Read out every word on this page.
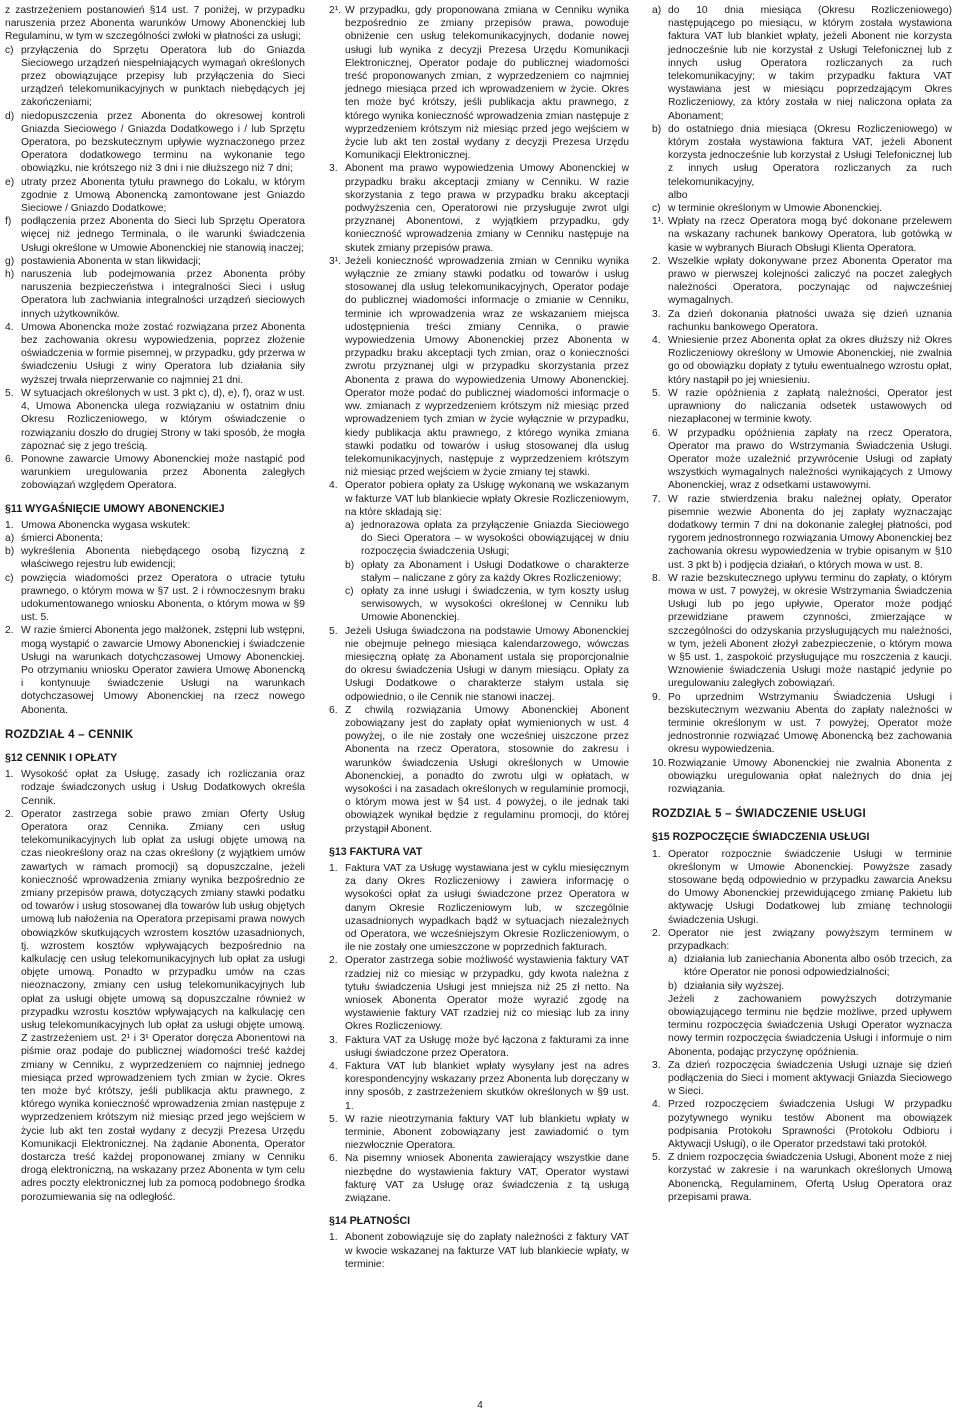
z zastrzeżeniem postanowień §14 ust. 7 poniżej, w przypadku naruszenia przez Abonenta warunków Umowy Abonenckiej lub Regulaminu, w tym w szczególności zwłoki w płatności za usługi;
c) przyłączenia do Sprzętu Operatora lub do Gniazda Sieciowego urządzeń niespełniających wymagań określonych przez obowiązujące przepisy lub przyłączenia do Sieci urządzeń telekomunikacyjnych w punktach niebędących jej zakończeniami;
d) niedopuszczenia przez Abonenta do okresowej kontroli Gniazda Sieciowego / Gniazda Dodatkowego i / lub Sprzętu Operatora, po bezskutecznym upływie wyznaczonego przez Operatora dodatkowego terminu na wykonanie tego obowiązku, nie krótszego niż 3 dni i nie dłuższego niż 7 dni;
e) utraty przez Abonenta tytułu prawnego do Lokalu, w którym zgodnie z Umową Abonencką zamontowane jest Gniazdo Sieciowe / Gniazdo Dodatkowe;
f) podłączenia przez Abonenta do Sieci lub Sprzętu Operatora więcej niż jednego Terminala, o ile warunki świadczenia Usługi określone w Umowie Abonenckiej nie stanowią inaczej;
g) postawienia Abonenta w stan likwidacji;
h) naruszenia lub podejmowania przez Abonenta próby naruszenia bezpieczeństwa i integralności Sieci i usług Operatora lub zachwiania integralności urządzeń sieciowych innych użytkowników.
4. Umowa Abonencka może zostać rozwiązana przez Abonenta bez zachowania okresu wypowiedzenia, poprzez złożenie oświadczenia w formie pisemnej, w przypadku, gdy przerwa w świadczeniu Usługi z winy Operatora lub działania siły wyższej trwała nieprzerwanie co najmniej 21 dni.
5. W sytuacjach określonych w ust. 3 pkt c), d), e), f), oraz w ust. 4, Umowa Abonencka ulega rozwiązaniu w ostatnim dniu Okresu Rozliczeniowego, w którym oświadczenie o rozwiązaniu doszło do drugiej Strony w taki sposób, że mogła zapoznać się z jego treścią.
6. Ponowne zawarcie Umowy Abonenckiej może nastąpić pod warunkiem uregulowania przez Abonenta zaległych zobowiązań względem Operatora.
§11 WYGAŚNIĘCIE UMOWY ABONENCKIEJ
1. Umowa Abonencka wygasa wskutek:
a) śmierci Abonenta;
b) wykreślenia Abonenta niebędącego osobą fizyczną z właściwego rejestru lub ewidencji;
c) powzięcia wiadomości przez Operatora o utracie tytułu prawnego, o którym mowa w §7 ust. 2 i równoczesnym braku udokumentowanego wniosku Abonenta, o którym mowa w §9 ust. 5.
2. W razie śmierci Abonenta jego małżonek, zstępni lub wstępni, mogą wystąpić o zawarcie Umowy Abonenckiej i świadczenie Usługi na warunkach dotychczasowej Umowy Abonenckiej. Po otrzymaniu wniosku Operator zawiera Umowę Abonencką i kontynuuje świadczenie Usługi na warunkach dotychczasowej Umowy Abonenckiej na rzecz nowego Abonenta.
ROZDZIAŁ 4 – CENNIK
§12 CENNIK I OPŁATY
1. Wysokość opłat za Usługę, zasady ich rozliczania oraz rodzaje świadczonych usług i Usług Dodatkowych określa Cennik.
2. Operator zastrzega sobie prawo zmian Oferty Usług Operatora oraz Cennika. Zmiany cen usług telekomunikacyjnych lub opłat za usługi objęte umową na czas nieokreślony oraz na czas określony (z wyjątkiem umów zawartych w ramach promocji) są dopuszczalne, jeżeli konieczność wprowadzenia zmiany wynika bezpośrednio ze zmiany przepisów prawa, dotyczących zmiany stawki podatku od towarów i usług stosowanej dla towarów lub usług objętych umową lub nałożenia na Operatora przepisami prawa nowych obowiązków skutkujących wzrostem kosztów uzasadnionych, tj. wzrostem kosztów wpływających bezpośrednio na kalkulację cen usług telekomunikacyjnych lub opłat za usługi objęte umową. Ponadto w przypadku umów na czas nieoznaczony, zmiany cen usług telekomunikacyjnych lub opłat za usługi objęte umową są dopuszczalne również w przypadku wzrostu kosztów wpływających na kalkulację cen usług telekomunikacyjnych lub opłat za usługi objęte umową. Z zastrzeżeniem ust. 2¹ i 3¹ Operator doręcza Abonentowi na piśmie oraz podaje do publicznej wiadomości treść każdej zmiany w Cenniku, z wyprzedzeniem co najmniej jednego miesiąca przed wprowadzeniem tych zmian w życie. Okres ten może być krótszy, jeśli publikacja aktu prawnego, z którego wynika konieczność wprowadzenia zmian następuje z wyprzedzeniem krótszym niż miesiąc przed jego wejściem w życie lub akt ten został wydany z decyzji Prezesa Urzędu Komunikacji Elektronicznej. Na żądanie Abonenta, Operator dostarcza treść każdej proponowanej zmiany w Cenniku drogą elektroniczną, na wskazany przez Abonenta w tym celu adres poczty elektronicznej lub za pomocą podobnego środka porozumiewania się na odległość.
2¹. W przypadku, gdy proponowana zmiana w Cenniku wynika bezpośrednio ze zmiany przepisów prawa, powoduje obniżenie cen usług telekomunikacyjnych, dodanie nowej usługi lub wynika z decyzji Prezesa Urzędu Komunikacji Elektronicznej, Operator podaje do publicznej wiadomości treść proponowanych zmian, z wyprzedzeniem co najmniej jednego miesiąca przed ich wprowadzeniem w życie. Okres ten może być krótszy, jeśli publikacja aktu prawnego, z którego wynika konieczność wprowadzenia zmian następuje z wyprzedzeniem krótszym niż miesiąc przed jego wejściem w życie lub akt ten został wydany z decyzji Prezesa Urzędu Komunikacji Elektronicznej.
3. Abonent ma prawo wypowiedzenia Umowy Abonenckiej w przypadku braku akceptacji zmiany w Cenniku. W razie skorzystania z tego prawa w przypadku braku akceptacji podwyższenia cen, Operatorowi nie przysługuje zwrot ulgi przyznanej Abonentowi, z wyjątkiem przypadku, gdy konieczność wprowadzenia zmiany w Cenniku następuje na skutek zmiany przepisów prawa.
3¹. Jeżeli konieczność wprowadzenia zmian w Cenniku wynika wyłącznie ze zmiany stawki podatku od towarów i usług stosowanej dla usług telekomunikacyjnych, Operator podaje do publicznej wiadomości informacje o zmianie w Cenniku, terminie ich wprowadzenia wraz ze wskazaniem miejsca udostępnienia treści zmiany Cennika, o prawie wypowiedzenia Umowy Abonenckiej przez Abonenta w przypadku braku akceptacji tych zmian, oraz o konieczności zwrotu przyznanej ulgi w przypadku skorzystania przez Abonenta z prawa do wypowiedzenia Umowy Abonenckiej. Operator może podać do publicznej wiadomości informacje o ww. zmianach z wyprzedzeniem krótszym niż miesiąc przed wprowadzeniem tych zmian w życie wyłącznie w przypadku, kiedy publikacja aktu prawnego, z którego wynika zmiana stawki podatku od towarów i usług stosowanej dla usług telekomunikacyjnych, następuje z wyprzedzeniem krótszym niż miesiąc przed wejściem w życie zmiany tej stawki.
4. Operator pobiera opłaty za Usługę wykonaną we wskazanym w fakturze VAT lub blankiecie wpłaty Okresie Rozliczeniowym, na które składają się:
a) jednorazowa opłata za przyłączenie Gniazda Sieciowego do Sieci Operatora – w wysokości obowiązującej w dniu rozpoczęcia świadczenia Usługi;
b) opłaty za Abonament i Usługi Dodatkowe o charakterze stałym – naliczane z góry za każdy Okres Rozliczeniowy;
c) opłaty za inne usługi i świadczenia, w tym koszty usług serwisowych, w wysokości określonej w Cenniku lub Umowie Abonenckiej.
5. Jeżeli Usługa świadczona na podstawie Umowy Abonenckiej nie obejmuje pełnego miesiąca kalendarzowego, wówczas miesięczną opłatę za Abonament ustala się proporcjonalnie do okresu świadczenia Usługi w danym miesiącu. Opłaty za Usługi Dodatkowe o charakterze stałym ustala się odpowiednio, o ile Cennik nie stanowi inaczej.
6. Z chwilą rozwiązania Umowy Abonenckiej Abonent zobowiązany jest do zapłaty opłat wymienionych w ust. 4 powyżej, o ile nie zostały one wcześniej uiszczone przez Abonenta na rzecz Operatora, stosownie do zakresu i warunków świadczenia Usługi określonych w Umowie Abonenckiej, a ponadto do zwrotu ulgi w opłatach, w wysokości i na zasadach określonych w regulaminie promocji, o którym mowa jest w §4 ust. 4 powyżej, o ile jednak taki obowiązek wynikał będzie z regulaminu promocji, do której przystąpił Abonent.
§13 FAKTURA VAT
1. Faktura VAT za Usługę wystawiana jest w cyklu miesięcznym za dany Okres Rozliczeniowy i zawiera informację o wysokości opłat za usługi świadczone przez Operatora w danym Okresie Rozliczeniowym lub, w szczególnie uzasadnionych wypadkach bądź w sytuacjach niezależnych od Operatora, we wcześniejszym Okresie Rozliczeniowym, o ile nie zostały one umieszczone w poprzednich fakturach.
2. Operator zastrzega sobie możliwość wystawienia faktury VAT rzadziej niż co miesiąc w przypadku, gdy kwota należna z tytułu świadczenia Usługi jest mniejsza niż 25 zł netto. Na wniosek Abonenta Operator może wyrazić zgodę na wystawienie faktury VAT rzadziej niż co miesiąc lub za inny Okres Rozliczeniowy.
3. Faktura VAT za Usługę może być łączona z fakturami za inne usługi świadczone przez Operatora.
4. Faktura VAT lub blankiet wpłaty wysyłany jest na adres korespondencyjny wskazany przez Abonenta lub doręczany w inny sposób, z zastrzeżeniem skutków określonych w §9 ust. 1.
5. W razie nieotrzymania faktury VAT lub blankietu wpłaty w terminie, Abonent zobowiązany jest zawiadomić o tym niezwłocznie Operatora.
6. Na pisemny wniosek Abonenta zawierający wszystkie dane niezbędne do wystawienia faktury VAT, Operator wystawi fakturę VAT za Usługę oraz świadczenia z tą usługą związane.
§14 PŁATNOŚCI
1. Abonent zobowiązuje się do zapłaty należności z faktury VAT w kwocie wskazanej na fakturze VAT lub blankiecie wpłaty, w terminie:
a) do 10 dnia miesiąca (Okresu Rozliczeniowego) następującego po miesiącu, w którym została wystawiona faktura VAT lub blankiet wpłaty, jeżeli Abonent nie korzysta jednocześnie lub nie korzystał z Usługi Telefonicznej lub z innych usług Operatora rozliczanych za ruch telekomunikacyjny; w takim przypadku faktura VAT wystawiana jest w miesiącu poprzedzającym Okres Rozliczeniowy, za który została w niej naliczona opłata za Abonament;
b) do ostatniego dnia miesiąca (Okresu Rozliczeniowego) w którym została wystawiona faktura VAT, jeżeli Abonent korzysta jednocześnie lub korzystał z Usługi Telefonicznej lub z innych usług Operatora rozliczanych za ruch telekomunikacyjny,
albo
c) w terminie określonym w Umowie Abonenckiej.
1¹. Wpłaty na rzecz Operatora mogą być dokonane przelewem na wskazany rachunek bankowy Operatora, lub gotówką w kasie w wybranych Biurach Obsługi Klienta Operatora.
2. Wszelkie wpłaty dokonywane przez Abonenta Operator ma prawo w pierwszej kolejności zaliczyć na poczet zaległych należności Operatora, poczynając od najwcześniej wymagalnych.
3. Za dzień dokonania płatności uważa się dzień uznania rachunku bankowego Operatora.
4. Wniesienie przez Abonenta opłat za okres dłuższy niż Okres Rozliczeniowy określony w Umowie Abonenckiej, nie zwalnia go od obowiązku dopłaty z tytułu ewentualnego wzrostu opłat, który nastąpił po jej wniesieniu.
5. W razie opóźnienia z zapłatą należności, Operator jest uprawniony do naliczania odsetek ustawowych od niezapłaconej w terminie kwoty.
6. W przypadku opóźnienia zapłaty na rzecz Operatora, Operator ma prawo do Wstrzymania Świadczenia Usługi. Operator może uzależnić przywrócenie Usługi od zapłaty wszystkich wymagalnych należności wynikających z Umowy Abonenckiej, wraz z odsetkami ustawowymi.
7. W razie stwierdzenia braku należnej opłaty, Operator pisemnie wezwie Abonenta do jej zapłaty wyznaczając dodatkowy termin 7 dni na dokonanie zaległej płatności, pod rygorem jednostronnego rozwiązania Umowy Abonenckiej bez zachowania okresu wypowiedzenia w trybie opisanym w §10 ust. 3 pkt b) i podjęcia działań, o których mowa w ust. 8.
8. W razie bezskutecznego upływu terminu do zapłaty, o którym mowa w ust. 7 powyżej, w okresie Wstrzymania Świadczenia Usługi lub po jego upływie, Operator może podjąć przewidziane prawem czynności, zmierzające w szczególności do odzyskania przysługujących mu należności, w tym, jeżeli Abonent złożył zabezpieczenie, o którym mowa w §5 ust. 1, zaspokoić przysługujące mu roszczenia z kaucji. Wznowienie świadczenia Usługi może nastąpić jedynie po uregulowaniu zaległych zobowiązań.
9. Po uprzednim Wstrzymaniu Świadczenia Usługi i bezskutecznym wezwaniu Abenta do zapłaty należności w terminie określonym w ust. 7 powyżej, Operator może jednostronnie rozwiązać Umowę Abonencką bez zachowania okresu wypowiedzenia.
10. Rozwiązanie Umowy Abonenckiej nie zwalnia Abonenta z obowiązku uregulowania opłat należnych do dnia jej rozwiązania.
ROZDZIAŁ 5 – ŚWIADCZENIE USŁUGI
§15 ROZPOCZĘCIE ŚWIADCZENIA USŁUGI
1. Operator rozpocznie świadczenie Usługi w terminie określonym w Umowie Abonenckiej. Powyższe zasady stosowane będą odpowiednio w przypadku zawarcia Aneksu do Umowy Abonenckiej przewidującego zmianę Pakietu lub aktywację Usługi Dodatkowej lub zmianę technologii świadczenia Usługi.
2. Operator nie jest związany powyższym terminem w przypadkach:
a) działania lub zaniechania Abonenta albo osób trzecich, za które Operator nie ponosi odpowiedzialności;
b) działania siły wyższej.
Jeżeli z zachowaniem powyższych dotrzymanie obowiązującego terminu nie będzie możliwe, przed upływem terminu rozpoczęcia świadczenia Usługi Operator wyznacza nowy termin rozpoczęcia świadczenia Usługi i informuje o nim Abonenta, podając przyczynę opóźnienia.
3. Za dzień rozpoczęcia świadczenia Usługi uznaje się dzień podłączenia do Sieci i moment aktywacji Gniazda Sieciowego w Sieci.
4. Przed rozpoczęciem świadczenia Usługi W przypadku pozytywnego wyniku testów Abonent ma obowiązek podpisania Protokołu Sprawności (Protokołu Odbioru i Aktywacji Usługi), o ile Operator przedstawi taki protokół.
5. Z dniem rozpoczęcia świadczenia Usługi, Abonent może z niej korzystać w zakresie i na warunkach określonych Umową Abonencką, Regulaminem, Ofertą Usług Operatora oraz przepisami prawa.
4
